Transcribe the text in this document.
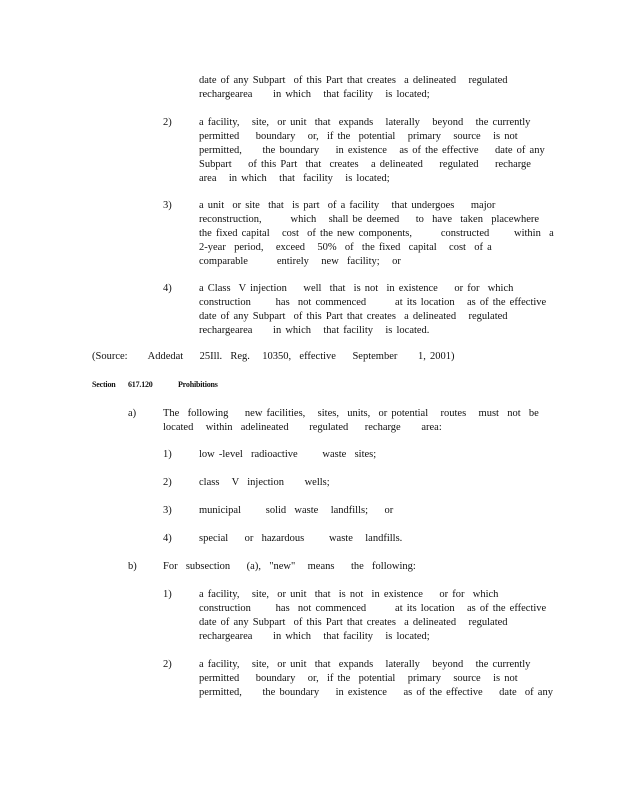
date of any Subpart  of this Part that creates  a delineated   regulated
rechargearea     in which   that facility   is located;
2)	a facility,   site,  or unit  that  expands   laterally   beyond   the currently
permitted    boundary   or,  if the  potential   primary   source   is not
permitted,     the boundary    in existence   as of the effective    date of any
Subpart    of this Part  that  creates   a delineated    regulated    recharge
area   in which   that  facility   is located;
3)	a unit  or site  that  is part  of a facility   that undergoes    major
reconstruction,       which   shall be deemed    to  have  taken  placewhere
the fixed capital   cost  of the new components,       constructed      within  a
2-year  period,   exceed   50%  of  the fixed  capital   cost  of a
comparable       entirely   new  facility;   or
4)	a Class  V injection    well  that  is not  in existence    or for  which
construction      has  not commenced       at its location   as of the effective
date of any Subpart  of this Part that creates  a delineated   regulated
rechargearea     in which   that facility   is located.
(Source:     Addedat    25Ill.  Reg.   10350,  effective    September     1, 2001)
Section 617.120	Prohibitions
a)	The  following    new facilities,   sites,  units,  or potential   routes   must  not  be
located   within  adelineated     regulated    recharge     area:
1)	low -level  radioactive      waste  sites;
2)	class   V  injection     wells;
3)	municipal      solid  waste   landfills;    or
4)	special    or  hazardous      waste   landfills.
b)	For  subsection    (a),  "new"   means    the  following:
1)	a facility,   site,  or unit  that  is not  in existence    or for  which
construction      has  not commenced       at its location   as of the effective
date of any Subpart  of this Part that creates  a delineated   regulated
rechargearea     in which   that facility   is located;
2)	a facility,   site,  or unit  that  expands   laterally   beyond   the currently
permitted    boundary   or,  if the  potential   primary   source   is not
permitted,     the boundary    in existence    as of the effective    date  of any
